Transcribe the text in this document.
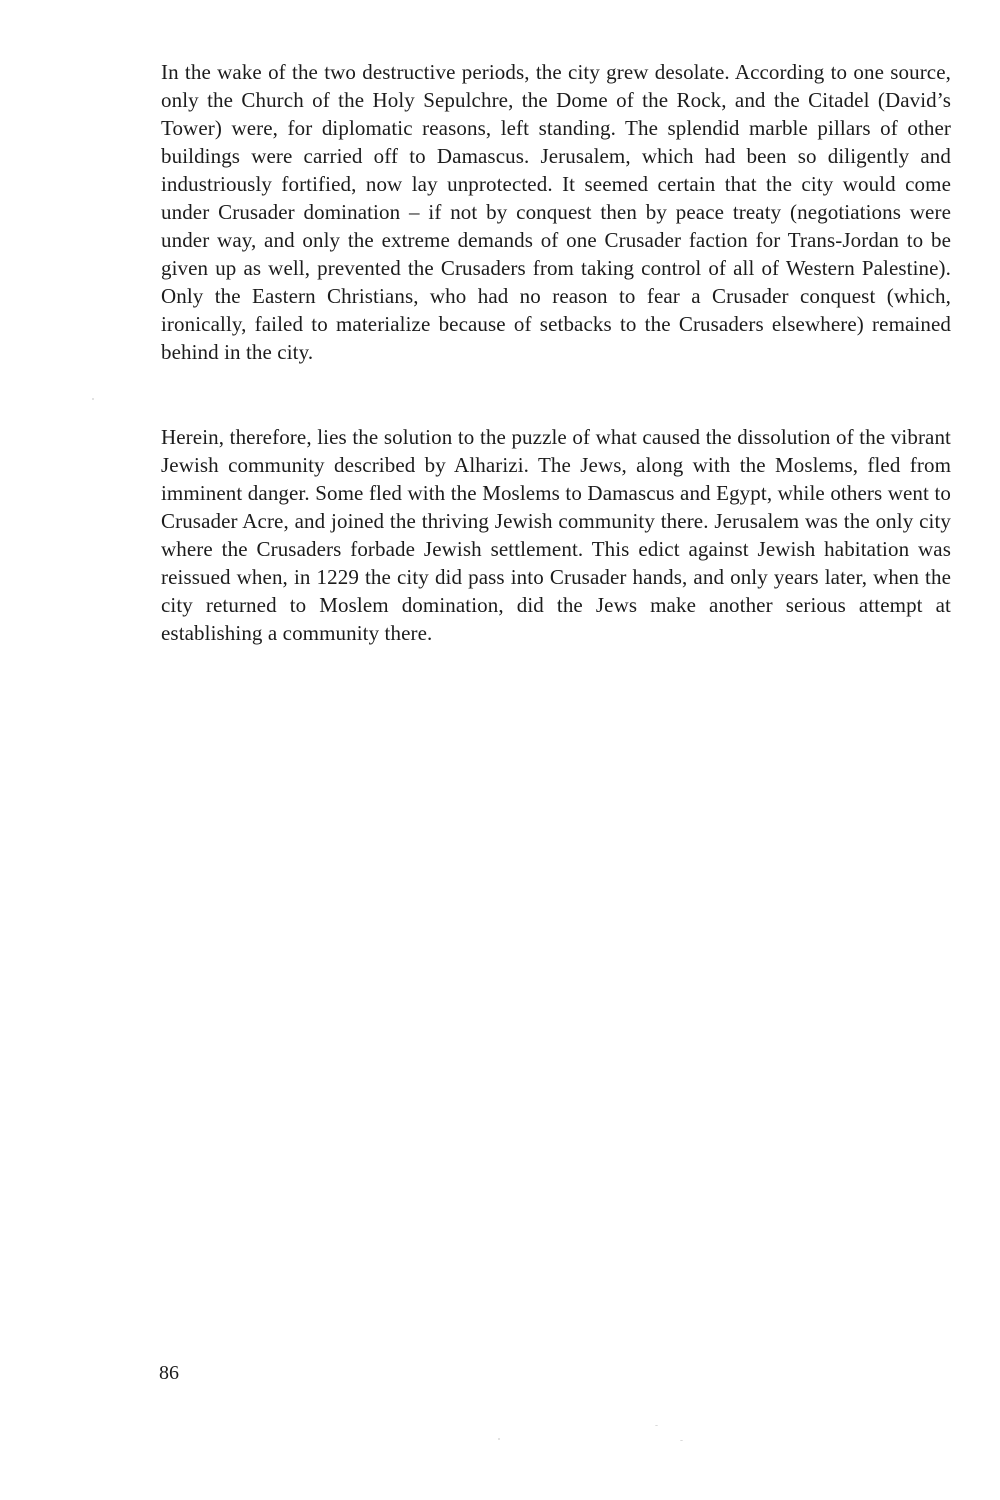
In the wake of the two destructive periods, the city grew desolate. According to one source, only the Church of the Holy Sepulchre, the Dome of the Rock, and the Citadel (David’s Tower) were, for diplomatic reasons, left standing. The splendid marble pillars of other buildings were carried off to Damascus. Jerusalem, which had been so diligently and industriously fortified, now lay unprotected. It seemed certain that the city would come under Crusader domination – if not by conquest then by peace treaty (negotiations were under way, and only the extreme demands of one Crusader faction for Trans-Jordan to be given up as well, prevented the Crusaders from taking control of all of Western Palestine). Only the Eastern Christians, who had no reason to fear a Crusader conquest (which, ironically, failed to materialize because of setbacks to the Crusaders elsewhere) remained behind in the city.

Herein, therefore, lies the solution to the puzzle of what caused the dissolution of the vibrant Jewish community described by Alharizi. The Jews, along with the Moslems, fled from imminent danger. Some fled with the Moslems to Damascus and Egypt, while others went to Crusader Acre, and joined the thriving Jewish community there. Jerusalem was the only city where the Crusaders forbade Jewish settlement. This edict against Jewish habitation was reissued when, in 1229 the city did pass into Crusader hands, and only years later, when the city returned to Moslem domination, did the Jews make another serious attempt at establishing a community there.

86
